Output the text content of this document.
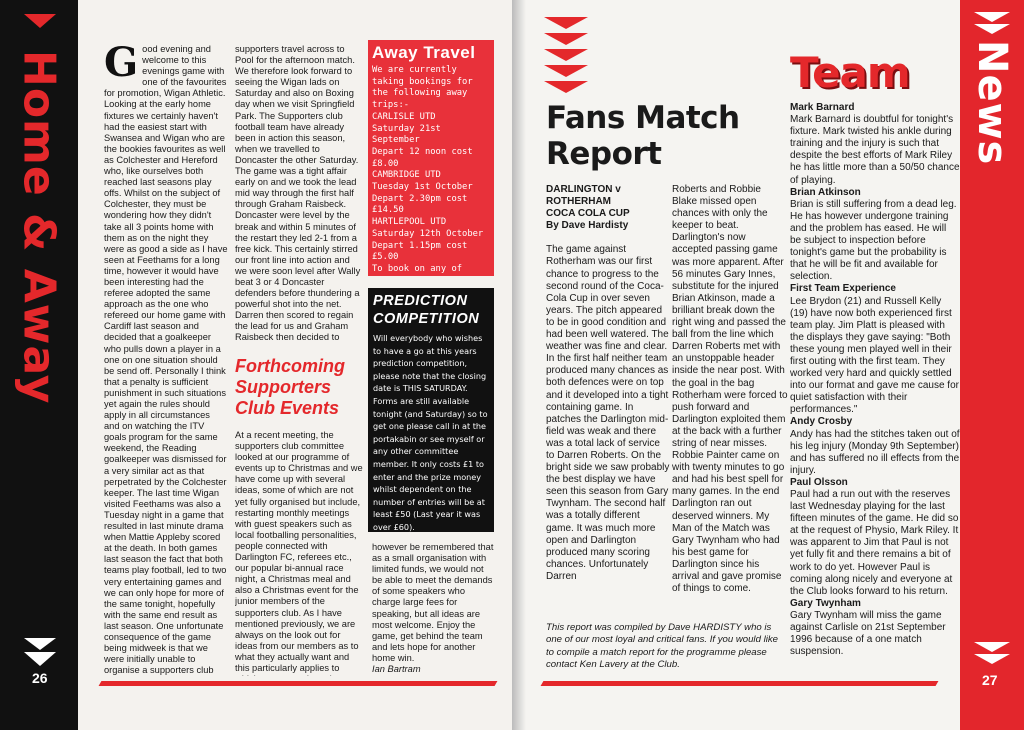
Home & Away
26
Good evening and welcome to this evenings game with one of the favourites for promotion, Wigan Athletic. Looking at the early home fixtures we certainly haven't had the easiest start with Swansea and Wigan who are the bookies favourites as well as Colchester and Hereford who, like ourselves both reached last seasons play offs. Whilst on the subject of Colchester, they must be wondering how they didn't take all 3 points home with them as on the night they were as good a side as I have seen at Feethams for a long time, however it would have been interesting had the referee adopted the same approach as the one who refereed our home game with Cardiff last season and decided that a goalkeeper who pulls down a player in a one on one situation should be send off. Personally I think that a penalty is sufficient punishment in such situations yet again the rules should apply in all circumstances and on watching the ITV goals program for the same weekend, the Reading goalkeeper was dismissed for a very similar act as that perpetrated by the Colchester keeper. The last time Wigan visited Feethams was also a Tuesday night in a game that resulted in last minute drama when Mattie Appleby scored at the death. In both games last season the fact that both teams play football, led to two very entertaining games and we can only hope for more of the same tonight, hopefully with the same end result as last season. One unfortunate consequence of the game being midweek is that we were initially unable to organise a supporters club

supporters travel across to Pool for the afternoon match. We therefore look forward to seeing the Wigan lads on Saturday and also on Boxing day when we visit Springfield Park. The Supporters club football team have already been in action this season, when we travelled to Doncaster the other Saturday. The game was a tight affair early on and we took the lead mid way through the first half through Graham Raisbeck. Doncaster were level by the break and within 5 minutes of the restart they led 2-1 from a free kick. This certainly stirred our front line into action and we were soon level after Wally beat 3 or 4 Doncaster defenders before thundering a powerful shot into the net. Darren then scored to regain the lead for us and Graham Raisbeck then decided to

Forthcoming Supporters Club Events

At a recent meeting, the supporters club committee looked at our programme of events up to Christmas and we have come up with several ideas, some of which are not yet fully organised but include, restarting monthly meetings with guest speakers such as local footballing personalities, people connected with Darlington FC, referees etc., our popular bi-annual race night, a Christmas meal and also a Christmas event for the junior members of the supporters club. As I have mentioned previously, we are always on the look out for ideas from our members as to what they actually want and this particularly applies to

Away Travel
We are currently taking bookings for the following away trips:-
CARLISLE UTD
Saturday 21st September
Depart 12 noon cost £8.00
CAMBRIDGE UTD
Tuesday 1st October
Depart 2.30pm cost £14.50
HARTLEPOOL UTD
Saturday 12th October
Depart 1.15pm cost £5.00
To book on any of
PREDICTION COMPETITION
Will everybody who wishes to have a go at this years prediction competition, please note that the closing date is THIS SATURDAY. Forms are still available tonight (and Saturday) so to get one please call in at the portakabin or see myself or any other committee member. It only costs £1 to enter and the prize money whilst dependent on the number of entries will be at least £50 (Last year it was over £60).

however be remembered that as a small organisation with limited funds, we would not be able to meet the demands of some speakers who charge large fees for speaking, but all ideas are most welcome. Enjoy the game, get behind the team and lets hope for another home win.

Ian Bartram

Fans Match Report
DARLINGTON v
ROTHERHAM
COCA COLA CUP
By Dave Hardisty

The game against Rotherham was our first chance to progress to the second round of the Coca-Cola Cup in over seven years. The pitch appeared to be in good condition and had been well watered. The weather was fine and clear. In the first half neither team produced many chances as both defences were on top and it developed into a tight containing game. In patches the Darlington mid-field was weak and there was a total lack of service to Darren Roberts. On the bright side we saw probably the best display we have seen this season from Gary Twynham. The second half was a totally different game. It was much more open and Darlington produced many scoring chances. Unfortunately Darren

Roberts and Robbie Blake missed open chances with only the keeper to beat. Darlington's now accepted passing game was more apparent. After 56 minutes Gary Innes, substitute for the injured Brian Atkinson, made a brilliant break down the right wing and passed the ball from the line which Darren Roberts met with an unstoppable header inside the near post. With the goal in the bag Rotherham were forced to push forward and Darlington exploited them at the back with a further string of near misses. Robbie Painter came on with twenty minutes to go and had his best spell for many games. In the end Darlington ran out deserved winners. My Man of the Match was Gary Twynham who had his best game for Darlington since his arrival and gave promise of things to come.

This report was compiled by Dave HARDISTY who is one of our most loyal and critical fans. If you would like to compile a match report for the programme please contact Ken Lavery at the Club.
Team
Mark Barnard
Mark Barnard is doubtful for tonight's fixture. Mark twisted his ankle during training and the injury is such that despite the best efforts of Mark Riley he has little more than a 50/50 chance of playing.
Brian Atkinson
Brian is still suffering from a dead leg. He has however undergone training and the problem has eased. He will be subject to inspection before tonight's game but the probability is that he will be fit and available for selection.
First Team Experience
Lee Brydon (21) and Russell Kelly (19) have now both experienced first team play. Jim Platt is pleased with the displays they gave saying: "Both these young men played well in their first outing with the first team. They worked very hard and quickly settled into our format and gave me cause for quiet satisfaction with their performances."
Andy Crosby
Andy has had the stitches taken out of his leg injury (Monday 9th September) and has suffered no ill effects from the injury.
Paul Olsson
Paul had a run out with the reserves last Wednesday playing for the last fifteen minutes of the game. He did so at the request of Physio, Mark Riley. It was apparent to Jim that Paul is not yet fully fit and there remains a bit of work to do yet. However Paul is coming along nicely and everyone at the Club looks forward to his return.
Gary Twynham
Gary Twynham will miss the game against Carlisle on 21st September 1996 because of a one match suspension.
News
27
